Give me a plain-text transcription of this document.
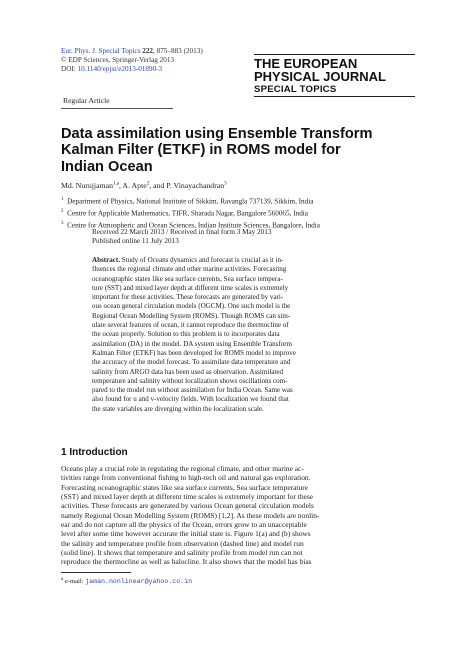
Eur. Phys. J. Special Topics 222, 875–883 (2013)
© EDP Sciences, Springer-Verlag 2013
DOI: 10.1140/epjst/e2013-01890-3	THE EUROPEAN
PHYSICAL JOURNAL
SPECIAL TOPICS
Regular Article
Data assimilation using Ensemble Transform
Kalman Filter (ETKF) in ROMS model for
Indian Ocean
Md. Nurujjaman$^{1,a}$, A. Apte$^2$, and P. Vinayachandran$^3$
$^1$ Department of Physics, National Institute of Sikkim, Ravangla 737139, Sikkim, India
$^2$ Centre for Applicable Mathematics, TIFR, Sharada Nagar, Bangalore 560065, India
$^3$ Centre for Atmospheric and Ocean Sciences, Indian Institute Sciences, Bangalore, India
Received 22 March 2013 / Received in final form 3 May 2013
Published online 11 July 2013
Abstract. Study of Oceans dynamics and forecast is crucial as it in-
fluences the regional climate and other marine activities. Forecasting
oceanographic states like sea surface currents, Sea surface tempera-
ture (SST) and mixed layer depth at different time scales is extremely
important for these activities. These forecasts are generated by vari-
ous ocean general circulation models (OGCM). One such model is the
Regional Ocean Modelling System (ROMS). Though ROMS can sim-
ulate several features of ocean, it cannot reproduce the thermocline of
the ocean properly. Solution to this problem is to incorporates data
assimilation (DA) in the model. DA system using Ensemble Transform
Kalman Filter (ETKF) has been developed for ROMS model to improve
the accuracy of the model forecast. To assimilate data temperature and
salinity from ARGO data has been used as observation. Assimilated
temperature and salinity without localization shows oscillations com-
pared to the model run without assimilation for India Ocean. Same was
also found for u and v-velocity fields. With localization we found that
the state variables are diverging within the localization scale.
1 Introduction
Oceans play a crucial role in regulating the regional climate, and other marine ac-
tivities range from conventional fishing to high-tech oil and natural gas exploration.
Forecasting oceanographic states like sea surface currents, Sea surface temperature
(SST) and mixed layer depth at different time scales is extremely important for these
activities. These forecasts are generated by various Ocean general circulation models
namely Regional Ocean Modelling System (ROMS) [1,2]. As these models are nonlin-
ear and do not capture all the physics of the Ocean, errors grow to an unacceptable
level after some time however accurate the initial state is. Figure 1(a) and (b) shows
the salinity and temperature profile from observation (dashed line) and model run
(solid line). It shows that temperature and salinity profile from model run can not
reproduce the thermocline as well as halocline. It also shows that the model has bias
$^a$ e-mail: jaman.nonlinear@yahoo.co.in
